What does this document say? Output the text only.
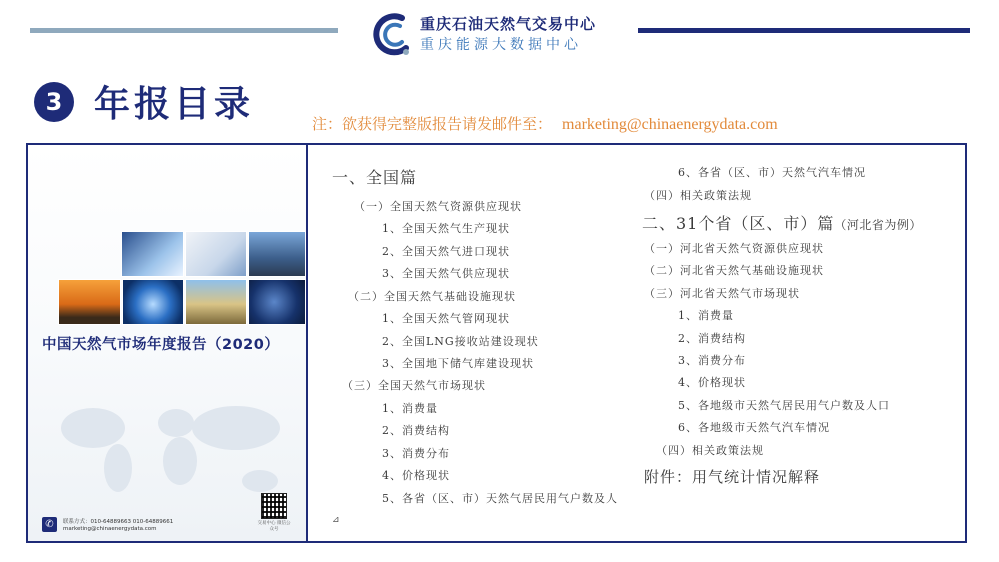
重庆石油天然气交易中心
重庆能源大数据中心
3 年报目录	注：欲获得完整版报告请发邮件至： marketing@chinaenergydata.com
中国天然气市场年度报告（2020）
交易中心 微信公众号
✆	联系方式：010-64889663 010-64889661
marketing@chinaenergydata.com
一、全国篇
（一）全国天然气资源供应现状
1、全国天然气生产现状
2、全国天然气进口现状
3、全国天然气供应现状
（二）全国天然气基础设施现状
1、全国天然气管网现状
2、全国LNG接收站建设现状
3、全国地下储气库建设现状
（三）全国天然气市场现状
1、消费量
2、消费结构
3、消费分布
4、价格现状
5、各省（区、市）天然气居民用气户数及人
⊿
6、各省（区、市）天然气汽车情况
（四）相关政策法规
二、31个省（区、市）篇（河北省为例）
（一）河北省天然气资源供应现状
（二）河北省天然气基础设施现状
（三）河北省天然气市场现状
1、消费量
2、消费结构
3、消费分布
4、价格现状
5、各地级市天然气居民用气户数及人口
6、各地级市天然气汽车情况
（四）相关政策法规
附件：用气统计情况解释
